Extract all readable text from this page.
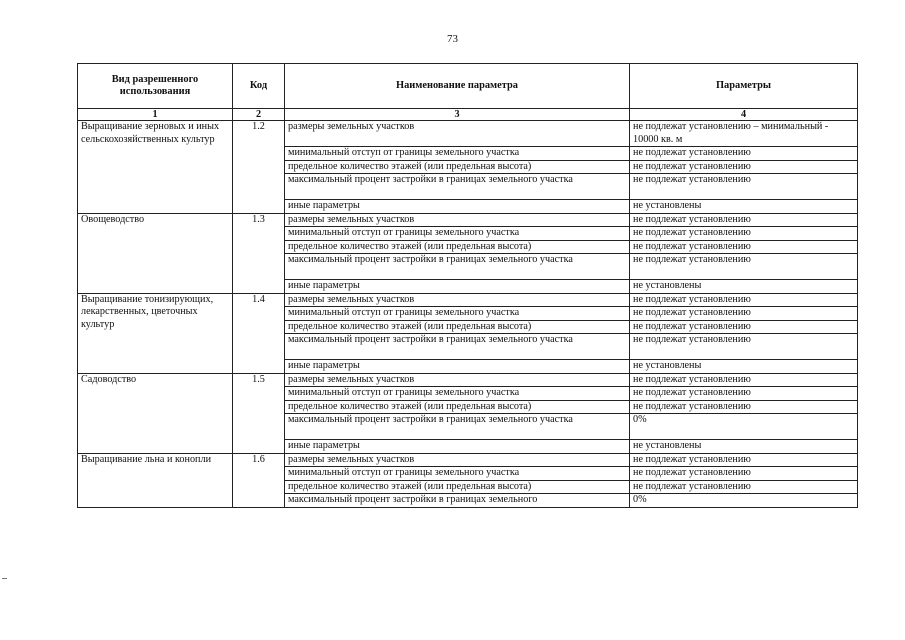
73
Вид разрешенного использования	Код	Наименование параметра	Параметры
1	2	3	4
Выращивание зерновых и иных сельскохозяйственных культур	1.2	размеры земельных участков	не подлежат установлению – минимальный - 10000 кв. м
		минимальный отступ от границы земельного участка	не подлежат установлению
		предельное количество этажей (или предельная высота)	не подлежат установлению
		максимальный процент застройки в границах земельного участка	не подлежат установлению
		иные параметры	не установлены
Овощеводство	1.3	размеры земельных участков	не подлежат установлению
		минимальный отступ от границы земельного участка	не подлежат установлению
		предельное количество этажей (или предельная высота)	не подлежат установлению
		максимальный процент застройки в границах земельного участка	не подлежат установлению
		иные параметры	не установлены
Выращивание тонизирующих, лекарственных, цветочных культур	1.4	размеры земельных участков	не подлежат установлению
		минимальный отступ от границы земельного участка	не подлежат установлению
		предельное количество этажей (или предельная высота)	не подлежат установлению
		максимальный процент застройки в границах земельного участка	не подлежат установлению
		иные параметры	не установлены
Садоводство	1.5	размеры земельных участков	не подлежат установлению
		минимальный отступ от границы земельного участка	не подлежат установлению
		предельное количество этажей (или предельная высота)	не подлежат установлению
		максимальный процент застройки в границах земельного участка	0%
		иные параметры	не установлены
Выращивание льна и конопли	1.6	размеры земельных участков	не подлежат установлению
		минимальный отступ от границы земельного участка	не подлежат установлению
		предельное количество этажей (или предельная высота)	не подлежат установлению
		максимальный процент застройки в границах земельного	0%
